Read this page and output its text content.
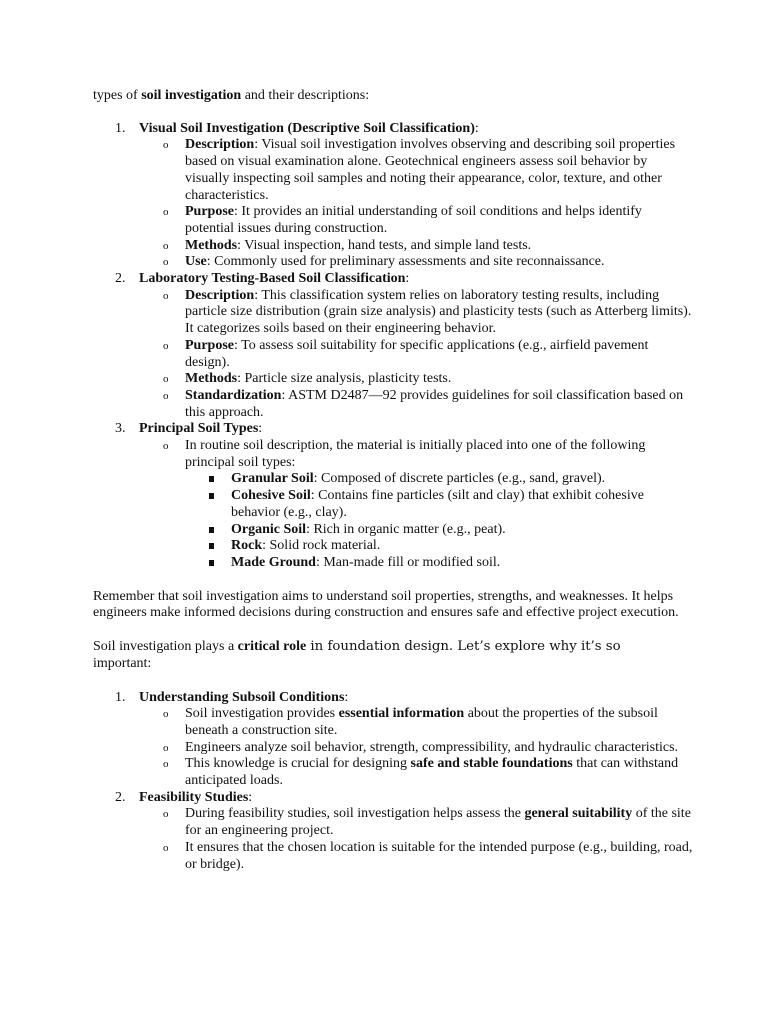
types of soil investigation and their descriptions:

1. Visual Soil Investigation (Descriptive Soil Classification):
o Description: Visual soil investigation involves observing and describing soil properties based on visual examination alone. Geotechnical engineers assess soil behavior by visually inspecting soil samples and noting their appearance, color, texture, and other characteristics.
o Purpose: It provides an initial understanding of soil conditions and helps identify potential issues during construction.
o Methods: Visual inspection, hand tests, and simple land tests.
o Use: Commonly used for preliminary assessments and site reconnaissance.
2. Laboratory Testing-Based Soil Classification:
o Description: This classification system relies on laboratory testing results, including particle size distribution (grain size analysis) and plasticity tests (such as Atterberg limits). It categorizes soils based on their engineering behavior.
o Purpose: To assess soil suitability for specific applications (e.g., airfield pavement design).
o Methods: Particle size analysis, plasticity tests.
o Standardization: ASTM D2487—92 provides guidelines for soil classification based on this approach.
3. Principal Soil Types:
o In routine soil description, the material is initially placed into one of the following principal soil types:
Granular Soil: Composed of discrete particles (e.g., sand, gravel).
Cohesive Soil: Contains fine particles (silt and clay) that exhibit cohesive behavior (e.g., clay).
Organic Soil: Rich in organic matter (e.g., peat).
Rock: Solid rock material.
Made Ground: Man-made fill or modified soil.

Remember that soil investigation aims to understand soil properties, strengths, and weaknesses. It helps engineers make informed decisions during construction and ensures safe and effective project execution.

Soil investigation plays a critical role in foundation design. Let’s explore why it’s so
important:

1. Understanding Subsoil Conditions:
o Soil investigation provides essential information about the properties of the subsoil beneath a construction site.
o Engineers analyze soil behavior, strength, compressibility, and hydraulic characteristics.
o This knowledge is crucial for designing safe and stable foundations that can withstand anticipated loads.
2. Feasibility Studies:
o During feasibility studies, soil investigation helps assess the general suitability of the site for an engineering project.
o It ensures that the chosen location is suitable for the intended purpose (e.g., building, road, or bridge).
